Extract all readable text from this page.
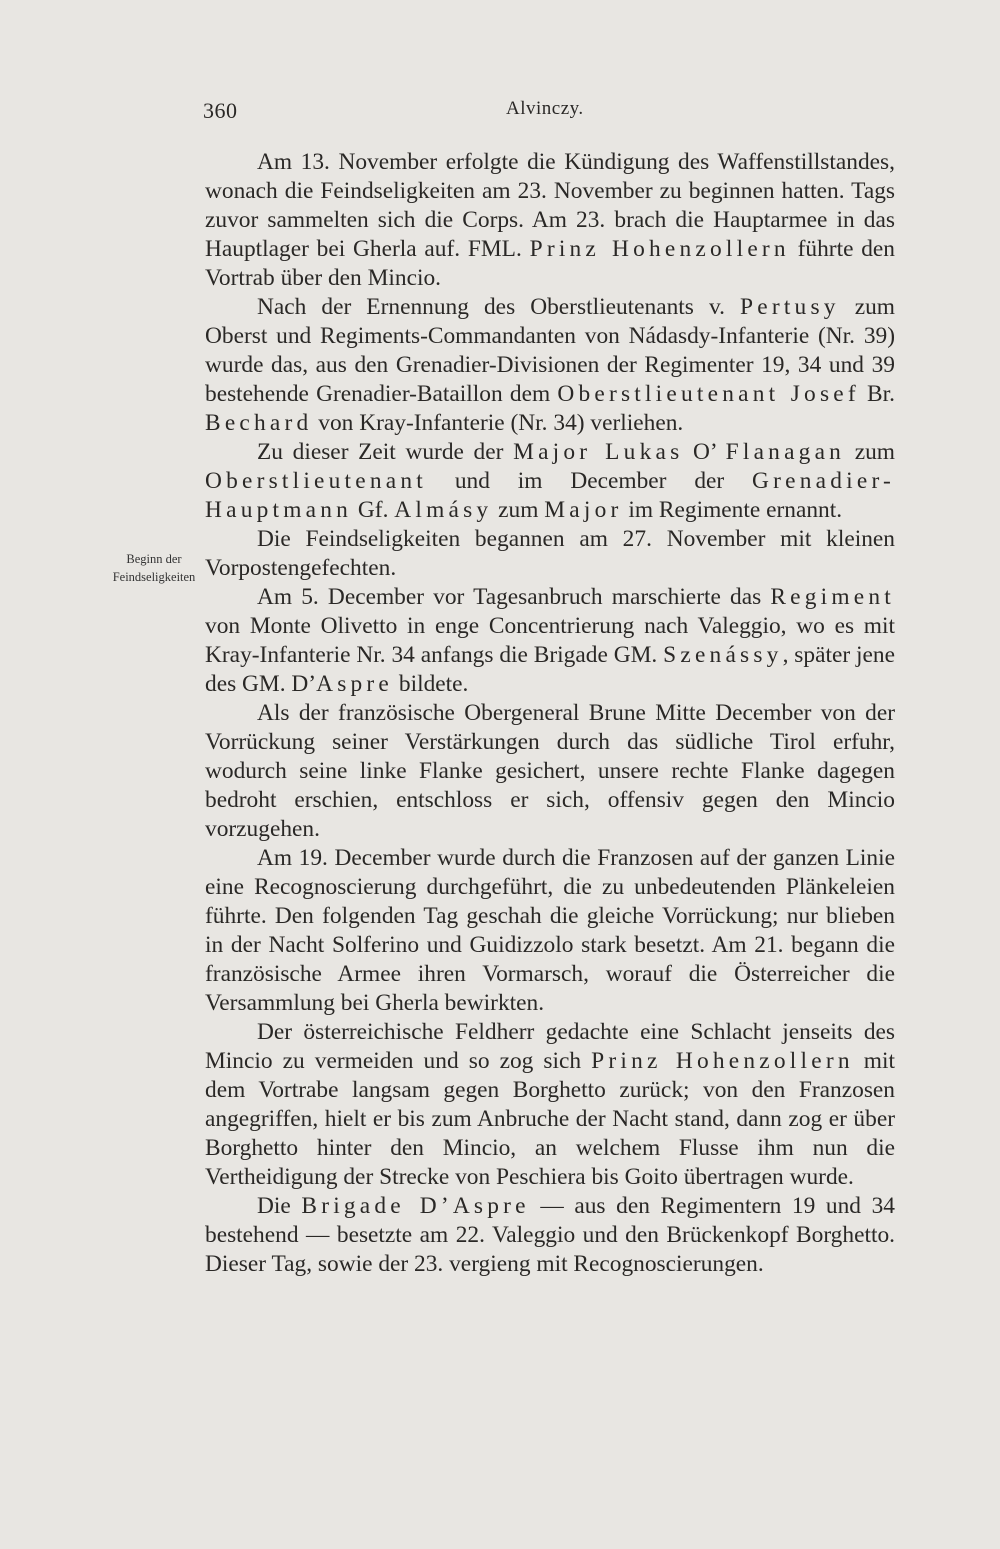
360	Alvinczy.
Beginn der
Feindseligkeiten

Am 13. November erfolgte die Kündigung des Waffenstillstandes, wonach die Feindseligkeiten am 23. November zu beginnen hatten. Tags zuvor sammelten sich die Corps. Am 23. brach die Hauptarmee in das Hauptlager bei Gherla auf. FML. Prinz Hohenzollern führte den Vortrab über den Mincio.

Nach der Ernennung des Oberstlieutenants v. Pertusy zum Oberst und Regiments-Commandanten von Nádasdy-Infanterie (Nr. 39) wurde das, aus den Grenadier-Divisionen der Regimenter 19, 34 und 39 bestehende Grenadier-Bataillon dem Oberstlieutenant Josef Br. Bechard von Kray-Infanterie (Nr. 34) verliehen.

Zu dieser Zeit wurde der Major Lukas O’ Flanagan zum Oberstlieutenant und im December der Grenadier-Hauptmann Gf. Almásy zum Major im Regimente ernannt.

Die Feindseligkeiten begannen am 27. November mit kleinen Vorpostengefechten.

Am 5. December vor Tagesanbruch marschierte das Regiment von Monte Olivetto in enge Concentrierung nach Valeggio, wo es mit Kray-Infanterie Nr. 34 anfangs die Brigade GM. Szenássy, später jene des GM. D’Aspre bildete.

Als der französische Obergeneral Brune Mitte December von der Vorrückung seiner Verstärkungen durch das südliche Tirol erfuhr, wodurch seine linke Flanke gesichert, unsere rechte Flanke dagegen bedroht erschien, entschloss er sich, offensiv gegen den Mincio vorzugehen.

Am 19. December wurde durch die Franzosen auf der ganzen Linie eine Recognoscierung durchgeführt, die zu unbedeutenden Plänkeleien führte. Den folgenden Tag geschah die gleiche Vorrückung; nur blieben in der Nacht Solferino und Guidizzolo stark besetzt. Am 21. begann die französische Armee ihren Vormarsch, worauf die Österreicher die Versammlung bei Gherla bewirkten.

Der österreichische Feldherr gedachte eine Schlacht jenseits des Mincio zu vermeiden und so zog sich Prinz Hohenzollern mit dem Vortrabe langsam gegen Borghetto zurück; von den Franzosen angegriffen, hielt er bis zum Anbruche der Nacht stand, dann zog er über Borghetto hinter den Mincio, an welchem Flusse ihm nun die Vertheidigung der Strecke von Peschiera bis Goito übertragen wurde.

Die Brigade D’Aspre — aus den Regimentern 19 und 34 bestehend — besetzte am 22. Valeggio und den Brückenkopf Borghetto. Dieser Tag, sowie der 23. vergieng mit Recognoscierungen.
